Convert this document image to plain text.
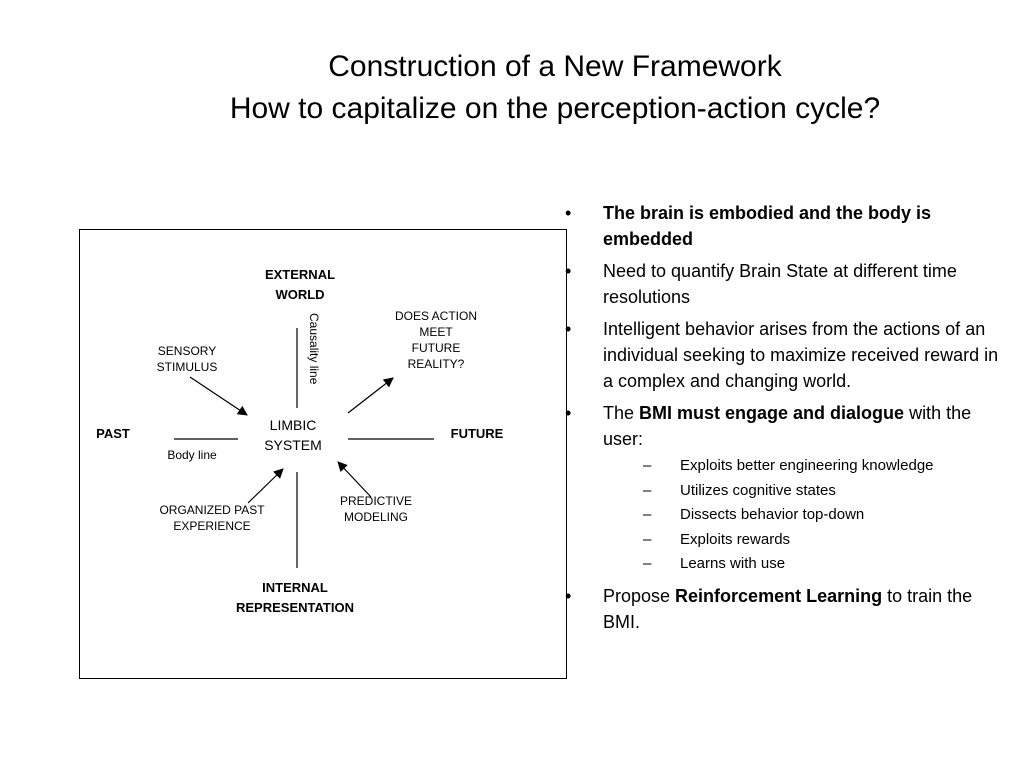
Construction of a New Framework
How to capitalize on the perception-action cycle?
EXTERNAL
WORLD
Causality line	DOES ACTION
MEET
FUTURE
REALITY?
SENSORY
STIMULUS
LIMBIC
SYSTEM
PAST	FUTURE
Body line
PREDICTIVE
MODELING
ORGANIZED PAST
EXPERIENCE
INTERNAL
REPRESENTATION
• The brain is embodied and the body is embedded
• Need to quantify Brain State at different time resolutions
• Intelligent behavior arises from the actions of an individual seeking to maximize received reward in a complex and changing world.
• The BMI must engage and dialogue with the user:
– Exploits better engineering knowledge
– Utilizes cognitive states
– Dissects behavior top-down
– Exploits rewards
– Learns with use
• Propose Reinforcement Learning to train the BMI.
